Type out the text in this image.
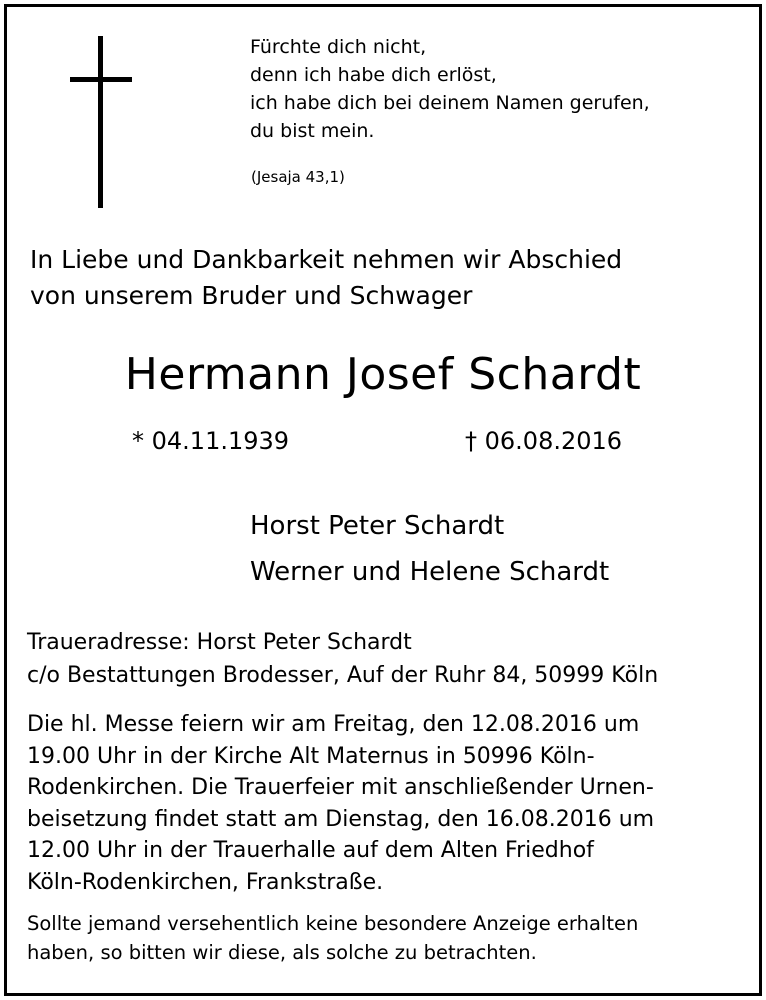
Fürchte dich nicht,
denn ich habe dich erlöst,
ich habe dich bei deinem Namen gerufen,
du bist mein.
(Jesaja 43,1)
In Liebe und Dankbarkeit nehmen wir Abschied
von unserem Bruder und Schwager
Hermann Josef Schardt
* 04.11.1939	† 06.08.2016
Horst Peter Schardt
Werner und Helene Schardt
Traueradresse: Horst Peter Schardt
c/o Bestattungen Brodesser, Auf der Ruhr 84, 50999 Köln
Die hl. Messe feiern wir am Freitag, den 12.08.2016 um
19.00 Uhr in der Kirche Alt Maternus in 50996 Köln-
Rodenkirchen. Die Trauerfeier mit anschließender Urnen-
beisetzung findet statt am Dienstag, den 16.08.2016 um
12.00 Uhr in der Trauerhalle auf dem Alten Friedhof
Köln-Rodenkirchen, Frankstraße.
Sollte jemand versehentlich keine besondere Anzeige erhalten
haben, so bitten wir diese, als solche zu betrachten.
